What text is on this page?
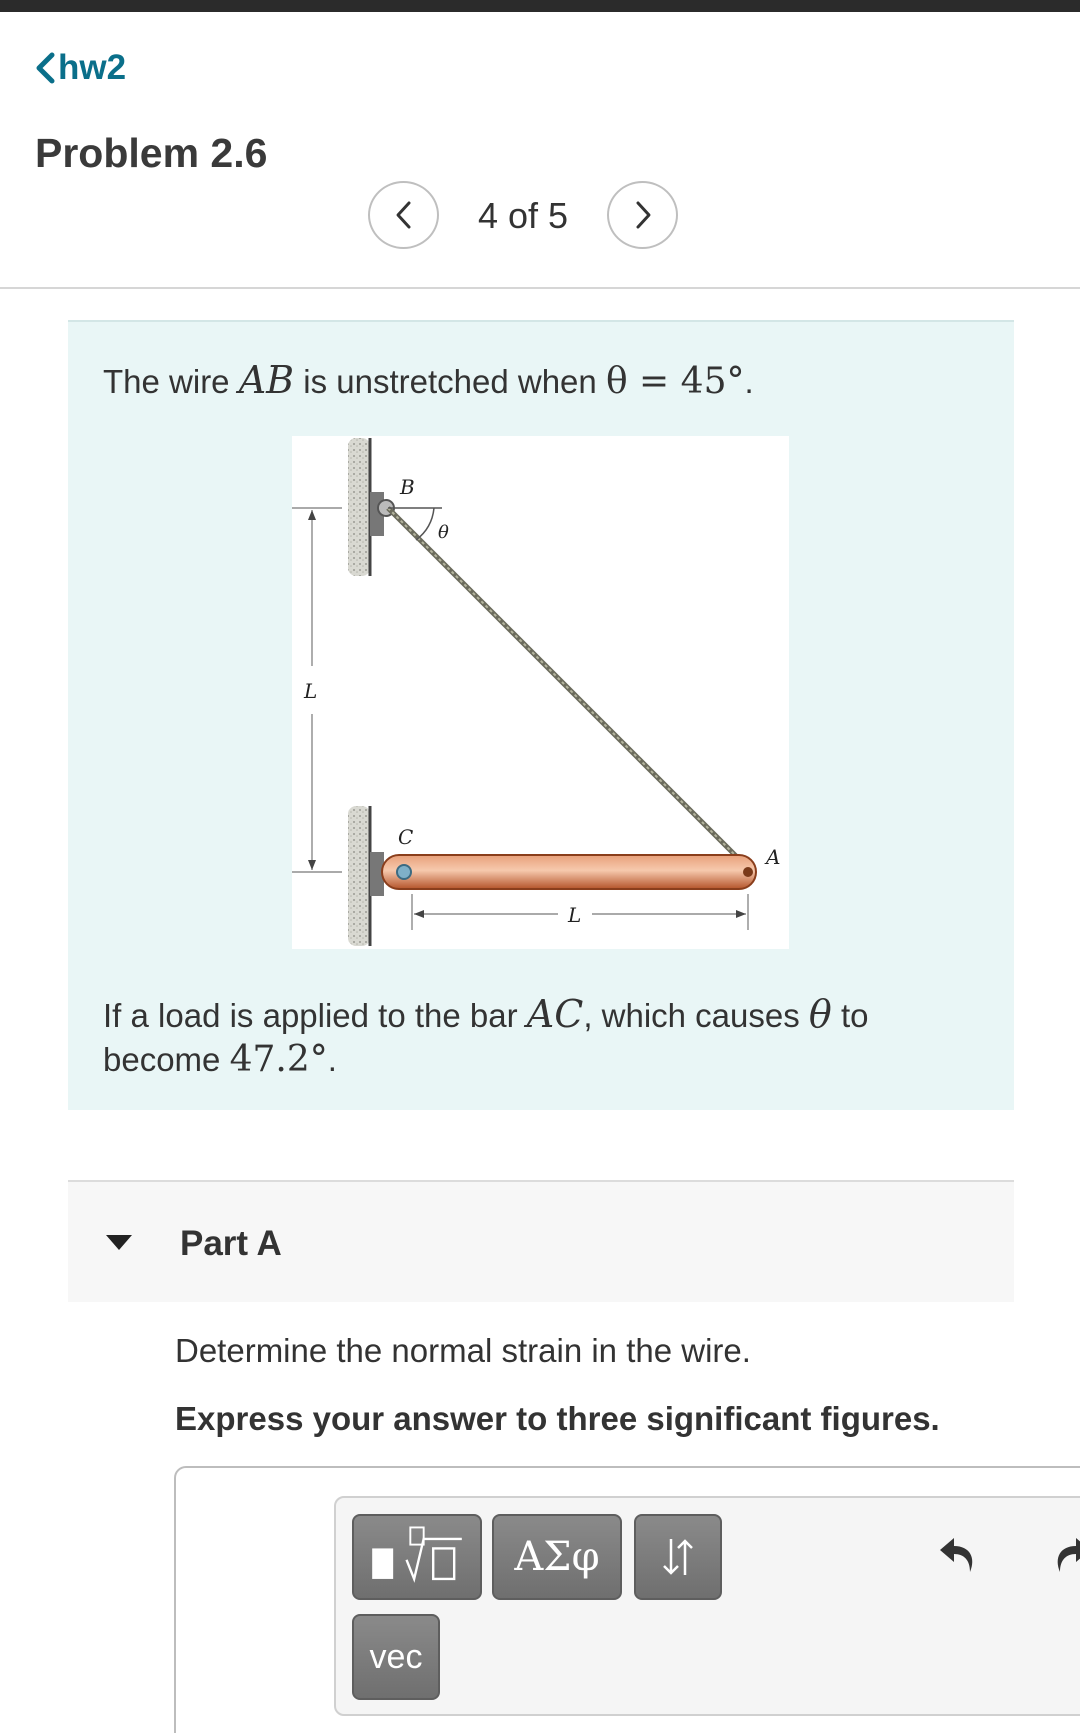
hw2
Problem 2.6
4 of 5
The wire AB is unstretched when θ = 45°.
B
θ
L
C
A
L
If a load is applied to the bar AC, which causes θ to become 47.2°.
Part A
Determine the normal strain in the wire.
Express your answer to three significant figures.
ΑΣφ
vec
